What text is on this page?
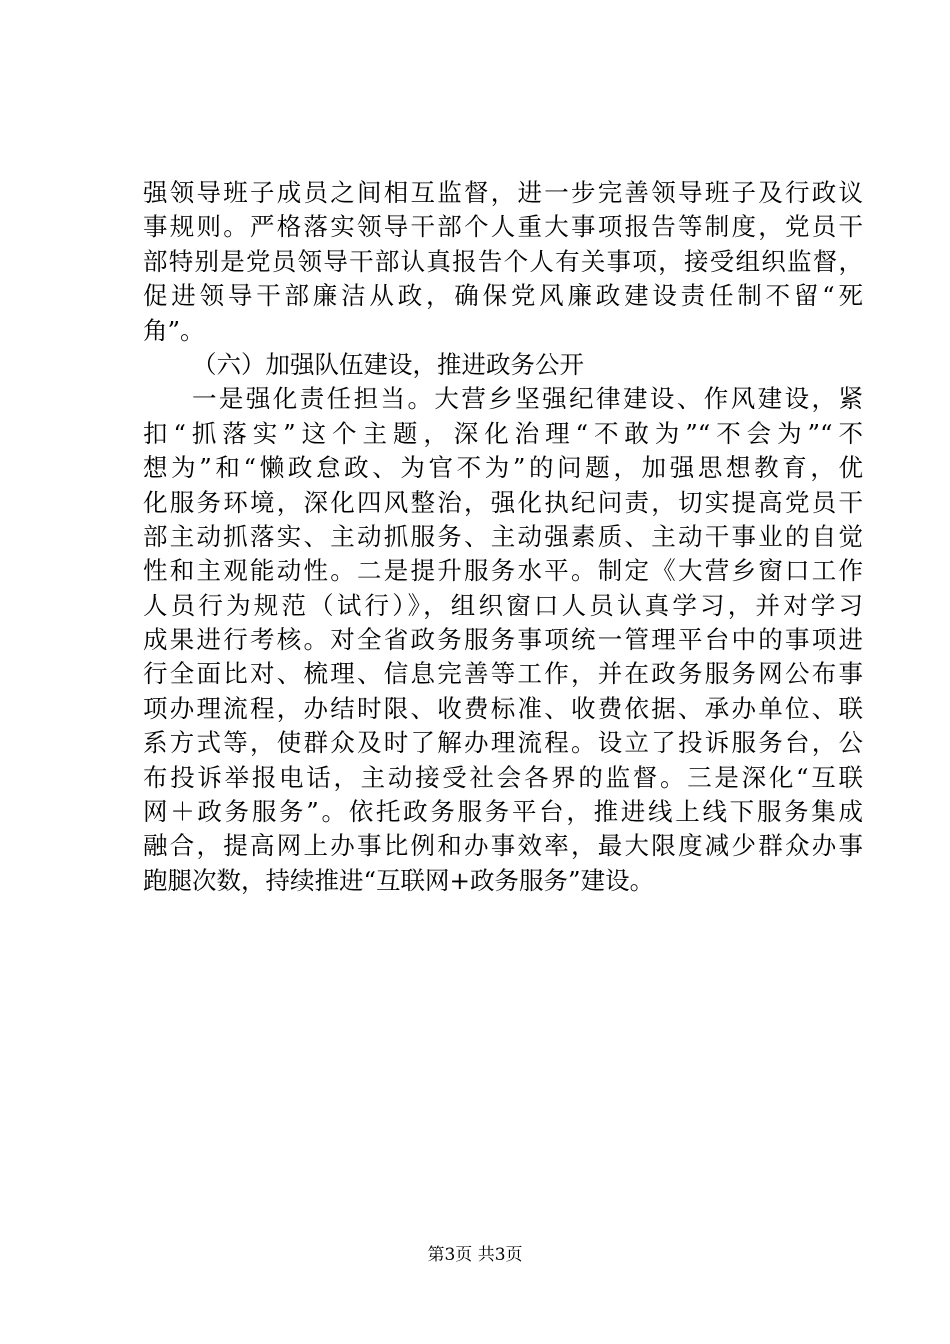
强领导班子成员之间相互监督，进一步完善领导班子及行政议
事规则。严格落实领导干部个人重大事项报告等制度，党员干
部特别是党员领导干部认真报告个人有关事项，接受组织监督，
促进领导干部廉洁从政，确保党风廉政建设责任制不留“死
角”。
（六）加强队伍建设，推进政务公开
一是强化责任担当。大营乡坚强纪律建设、作风建设，紧
扣“抓落实”这个主题，深化治理“不敢为”“不会为”“不
想为”和“懒政怠政、为官不为”的问题，加强思想教育，优
化服务环境，深化四风整治，强化执纪问责，切实提高党员干
部主动抓落实、主动抓服务、主动强素质、主动干事业的自觉
性和主观能动性。二是提升服务水平。制定《大营乡窗口工作
人员行为规范（试行）》，组织窗口人员认真学习，并对学习
成果进行考核。对全省政务服务事项统一管理平台中的事项进
行全面比对、梳理、信息完善等工作，并在政务服务网公布事
项办理流程，办结时限、收费标准、收费依据、承办单位、联
系方式等，使群众及时了解办理流程。设立了投诉服务台，公
布投诉举报电话，主动接受社会各界的监督。三是深化“互联
网＋政务服务”。依托政务服务平台，推进线上线下服务集成
融合，提高网上办事比例和办事效率，最大限度减少群众办事
跑腿次数，持续推进“互联网+政务服务”建设。
第3页 共3页
